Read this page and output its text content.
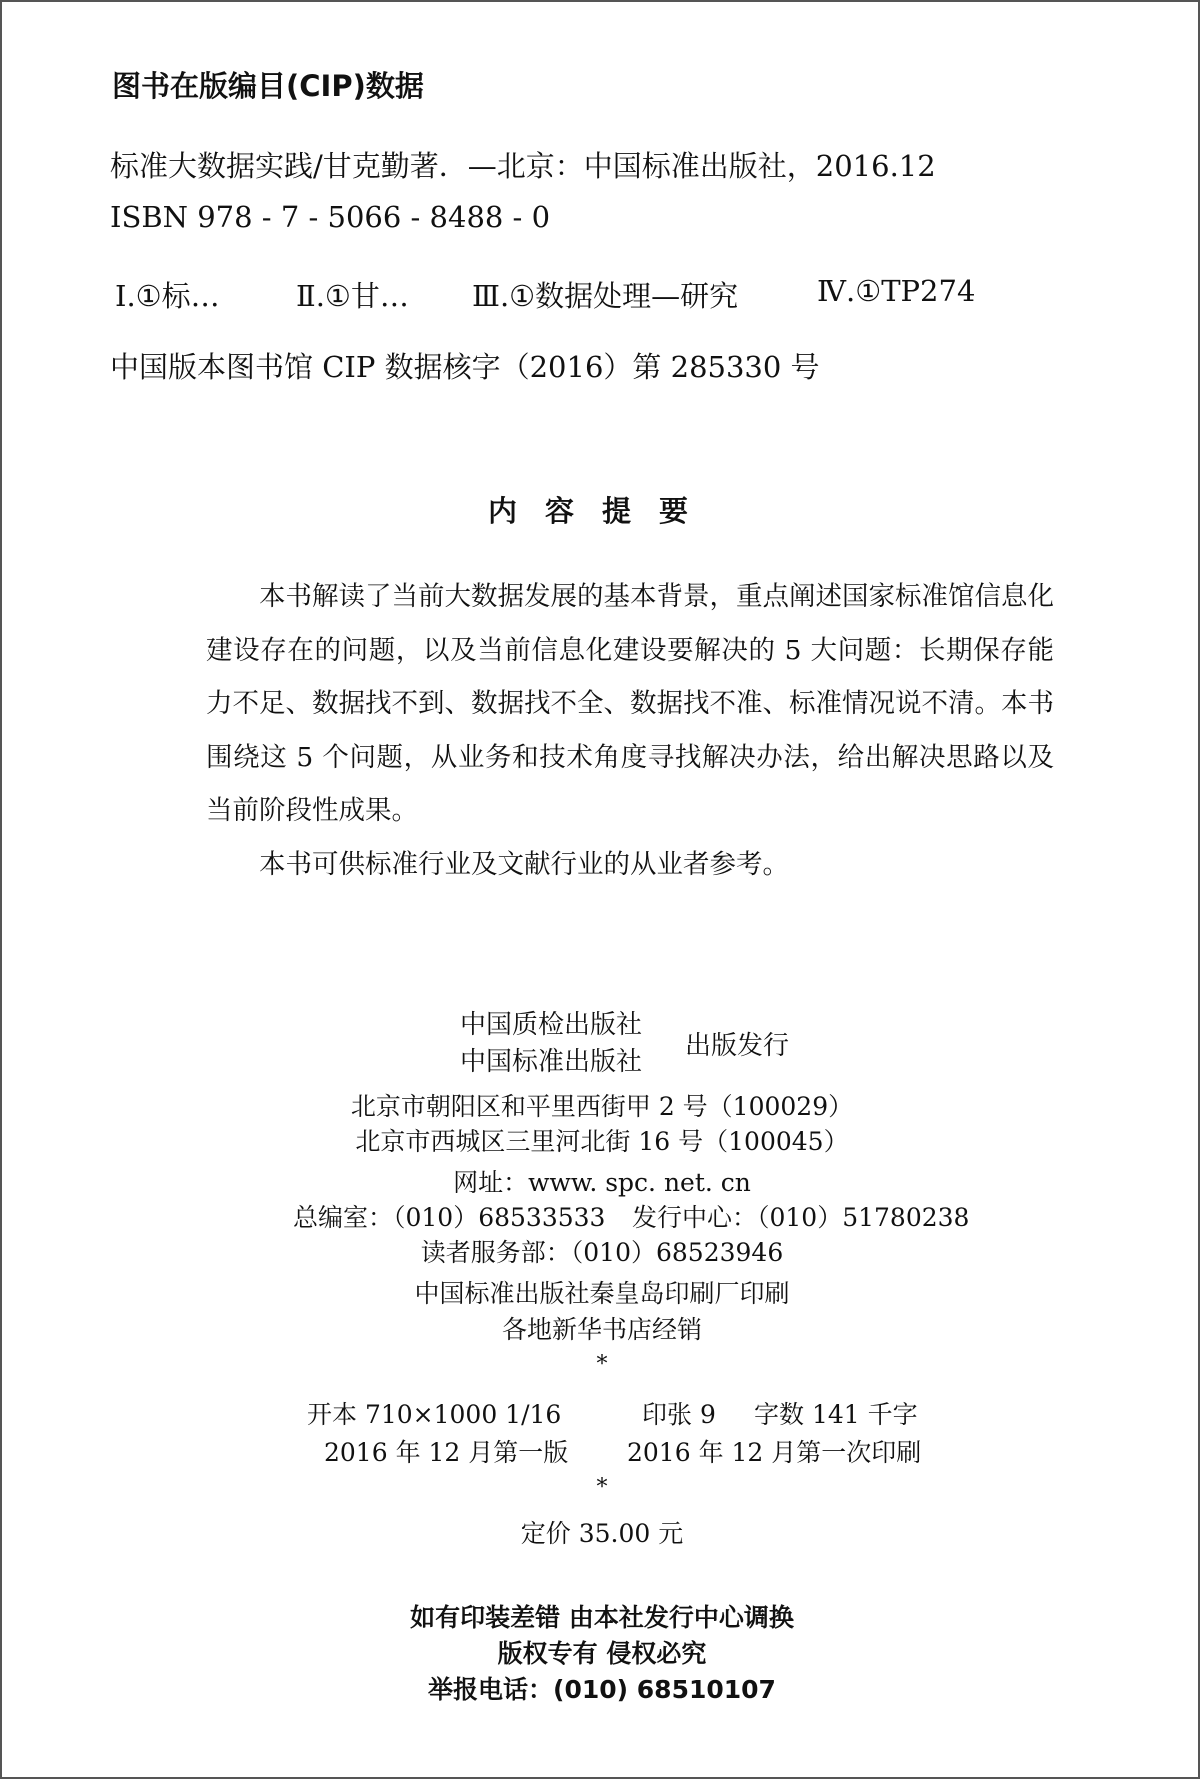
图书在版编目(CIP)数据
标准大数据实践/甘克勤著．—北京：中国标准出版社，2016.12
ISBN 978 - 7 - 5066 - 8488 - 0
Ⅰ.①标…	Ⅱ.①甘… Ⅲ.①数据处理—研究	Ⅳ.①TP274
中国版本图书馆 CIP 数据核字（2016）第 285330 号
内容提要

本书解读了当前大数据发展的基本背景，重点阐述国家标准馆信息化建设存在的问题，以及当前信息化建设要解决的 5 大问题：长期保存能力不足、数据找不到、数据找不全、数据找不准、标准情况说不清。本书围绕这 5 个问题，从业务和技术角度寻找解决办法，给出解决思路以及当前阶段性成果。

本书可供标准行业及文献行业的从业者参考。

中国质检出版社
中国标准出版社
出版发行
北京市朝阳区和平里西街甲 2 号（100029）
北京市西城区三里河北街 16 号（100045）
网址：www. spc. net. cn
总编室：（010）68533533 发行中心：（010）51780238
读者服务部：（010）68523946
中国标准出版社秦皇岛印刷厂印刷
各地新华书店经销
*
开本 710×1000 1/16	印张 9 字数 141 千字
2016 年 12 月第一版 2016 年 12 月第一次印刷
*
定价 35.00 元
如有印装差错 由本社发行中心调换
版权专有 侵权必究
举报电话：(010) 68510107
